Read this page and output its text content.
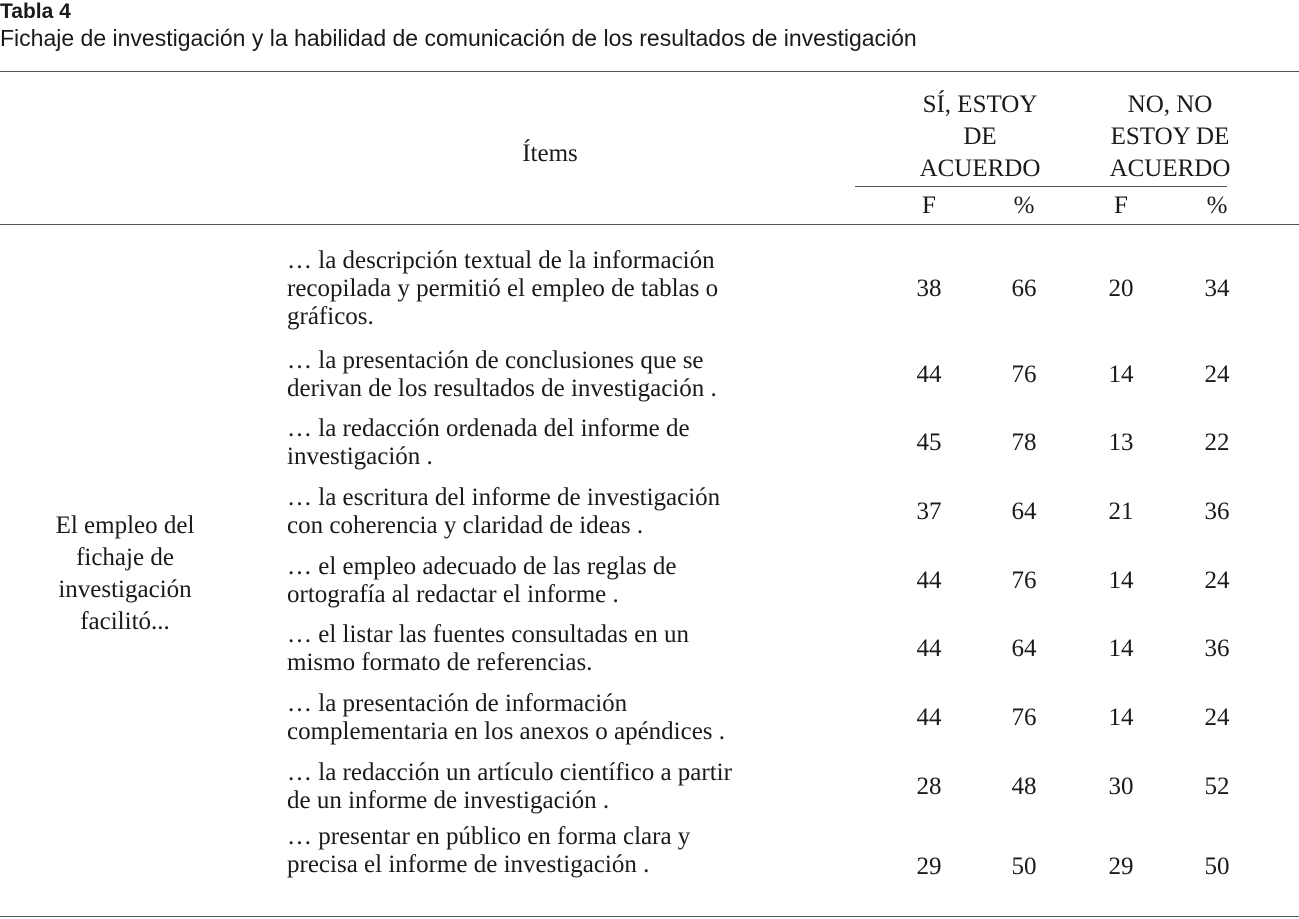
Tabla 4
Fichaje de investigación y la habilidad de comunicación de los resultados de investigación
Ítems
SÍ, ESTOY
DE
ACUERDO
NO, NO
ESTOY DE
ACUERDO
F	%	F	%
El empleo del
fichaje de
investigación
facilitó...
… la descripción textual de la información
recopilada y permitió el empleo de tablas o
gráficos.
38	66	20	34
… la presentación de conclusiones que se
derivan de los resultados de investigación .
44	76	14	24
… la redacción ordenada del informe de
investigación .
45	78	13	22
… la escritura del informe de investigación
con coherencia y claridad de ideas .
37	64	21	36
… el empleo adecuado de las reglas de
ortografía al redactar el informe .
44	76	14	24
… el listar las fuentes consultadas en un
mismo formato de referencias.
44	64	14	36
… la presentación de información
complementaria en los anexos o apéndices .
44	76	14	24
… la redacción un artículo científico a partir
de un informe de investigación .
28	48	30	52
… presentar en público en forma clara y
precisa el informe de investigación .	29	50	29	50
